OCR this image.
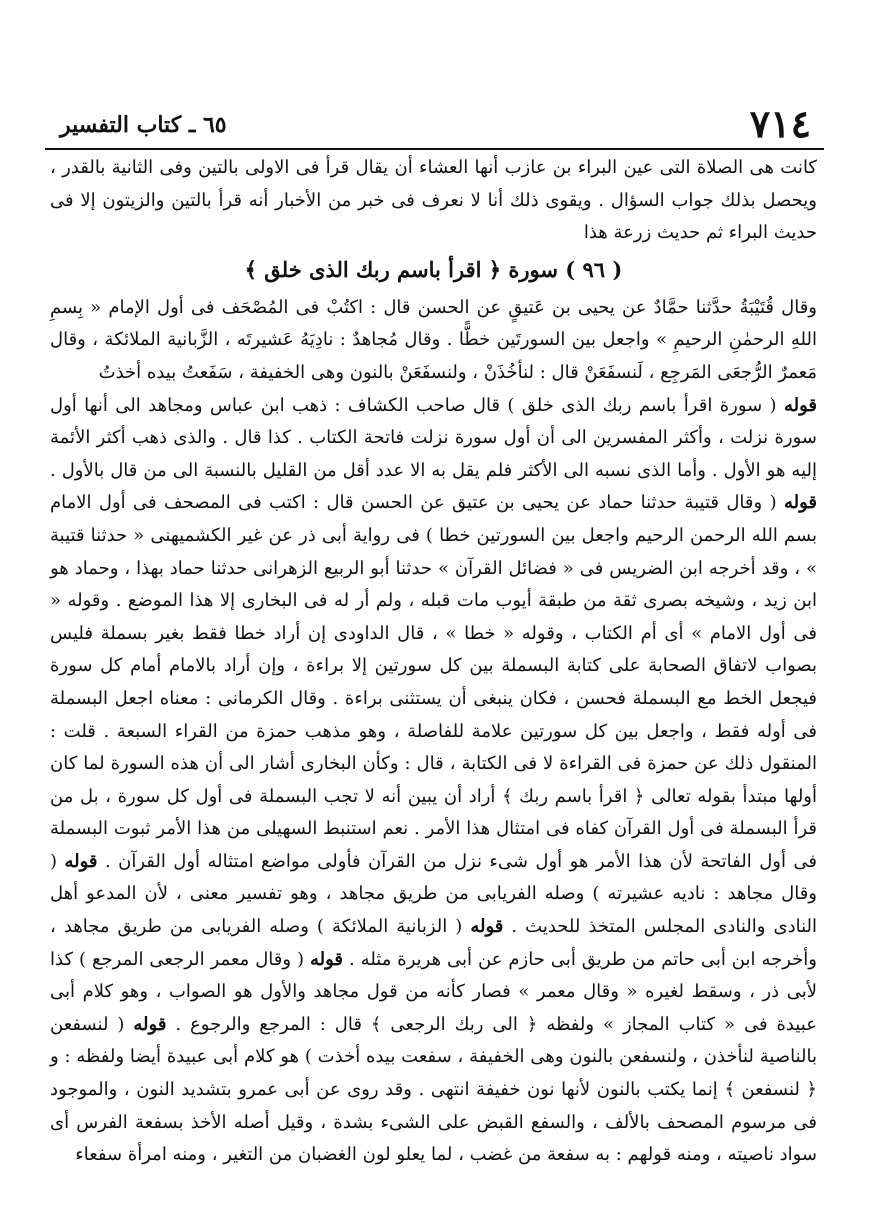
٧١٤
٦٥ ـ كتاب التفسير

كانت هى الصلاة التى عين البراء بن عازب أنها العشاء أن يقال قرأ فى الاولى بالتين وفى الثانية بالقدر ، ويحصل بذلك جواب السؤال . ويقوى ذلك أنا لا نعرف فى خبر من الأخبار أنه قرأ بالتين والزيتون إلا فى حديث البراء ثم حديث زرعة هذا

( ٩٦ ) سورة ﴿ اقرأ باسم ربك الذى خلق ﴾

وقال قُتَيْبَةُ حدَّثنا حمَّادٌ عن يحيى بن عَتيقٍ عن الحسن قال : اكتُبْ فى المُصْحَف فى أول الإمام « بِسمِ اللهِ الرحمٰنِ الرحيمِ » واجعل بين السورتَين خطًّا . وقال مُجاهدٌ : نادِيَهُ عَشيرتَه ، الزَّبانية الملائكة ، وقال مَعمرٌ الرُّجعَى المَرجِع ، لَنسفَعَنْ قال : لنأخُذَنْ ، ولنسفَعَنْ بالنون وهى الخفيفة ، سَفَعتُ بيده أخذتُ

قوله ( سورة اقرأ باسم ربك الذى خلق ) قال صاحب الكشاف : ذهب ابن عباس ومجاهد الى أنها أول سورة نزلت ، وأكثر المفسرين الى أن أول سورة نزلت فاتحة الكتاب . كذا قال . والذى ذهب أكثر الأئمة إليه هو الأول . وأما الذى نسبه الى الأكثر فلم يقل به الا عدد أقل من القليل بالنسبة الى من قال بالأول . قوله ( وقال قتيبة حدثنا حماد عن يحيى بن عتيق عن الحسن قال : اكتب فى المصحف فى أول الامام بسم الله الرحمن الرحيم واجعل بين السورتين خطا ) فى رواية أبى ذر عن غير الكشميهنى « حدثنا قتيبة » ، وقد أخرجه ابن الضريس فى « فضائل القرآن » حدثنا أبو الربيع الزهرانى حدثنا حماد بهذا ، وحماد هو ابن زيد ، وشيخه بصرى ثقة من طبقة أيوب مات قبله ، ولم أر له فى البخارى إلا هذا الموضع . وقوله « فى أول الامام » أى أم الكتاب ، وقوله « خطا » ، قال الداودى إن أراد خطا فقط بغير بسملة فليس بصواب لاتفاق الصحابة على كتابة البسملة بين كل سورتين إلا براءة ، وإن أراد بالامام أمام كل سورة فيجعل الخط مع البسملة فحسن ، فكان ينبغى أن يستثنى براءة . وقال الكرمانى : معناه اجعل البسملة فى أوله فقط ، واجعل بين كل سورتين علامة للفاصلة ، وهو مذهب حمزة من القراء السبعة . قلت : المنقول ذلك عن حمزة فى القراءة لا فى الكتابة ، قال : وكأن البخارى أشار الى أن هذه السورة لما كان أولها مبتدأ بقوله تعالى ﴿ اقرأ باسم ربك ﴾ أراد أن يبين أنه لا تجب البسملة فى أول كل سورة ، بل من قرأ البسملة فى أول القرآن كفاه فى امتثال هذا الأمر . نعم استنبط السهيلى من هذا الأمر ثبوت البسملة فى أول الفاتحة لأن هذا الأمر هو أول شىء نزل من القرآن فأولى مواضع امتثاله أول القرآن . قوله ( وقال مجاهد : ناديه عشيرته ) وصله الفريابى من طريق مجاهد ، وهو تفسير معنى ، لأن المدعو أهل النادى والنادى المجلس المتخذ للحديث . قوله ( الزبانية الملائكة ) وصله الفريابى من طريق مجاهد ، وأخرجه ابن أبى حاتم من طريق أبى حازم عن أبى هريرة مثله . قوله ( وقال معمر الرجعى المرجع ) كذا لأبى ذر ، وسقط لغيره « وقال معمر » فصار كأنه من قول مجاهد والأول هو الصواب ، وهو كلام أبى عبيدة فى « كتاب المجاز » ولفظه ﴿ الى ربك الرجعى ﴾ قال : المرجع والرجوع . قوله ( لنسفعن بالناصية لنأخذن ، ولنسفعن بالنون وهى الخفيفة ، سفعت بيده أخذت ) هو كلام أبى عبيدة أيضا ولفظه : و ﴿ لنسفعن ﴾ إنما يكتب بالنون لأنها نون خفيفة انتهى . وقد روى عن أبى عمرو بتشديد النون ، والموجود فى مرسوم المصحف بالألف ، والسفع القبض على الشىء بشدة ، وقيل أصله الأخذ بسفعة الفرس أى سواد ناصيته ، ومنه قولهم : به سفعة من غضب ، لما يعلو لون الغضبان من التغير ، ومنه امرأة سفعاء
